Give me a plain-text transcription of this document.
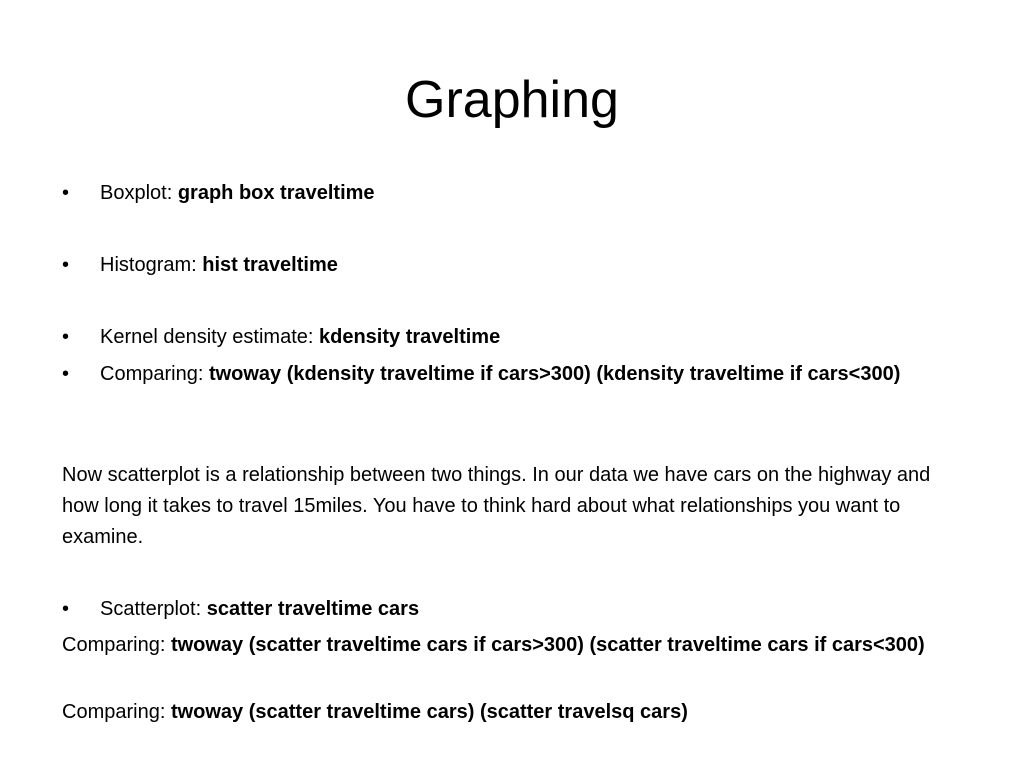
Graphing
•	Boxplot: graph box traveltime
•	Histogram: hist traveltime
•	Kernel density estimate: kdensity traveltime
•	Comparing: twoway (kdensity traveltime if cars>300) (kdensity traveltime if cars<300)

Now scatterplot is a relationship between two things. In our data we have cars on the highway and how long it takes to travel 15miles. You have to think hard about what relationships you want to examine.

•	Scatterplot: scatter traveltime cars
Comparing: twoway (scatter traveltime cars if cars>300) (scatter traveltime cars if cars<300)
Comparing: twoway (scatter traveltime cars) (scatter travelsq cars)
